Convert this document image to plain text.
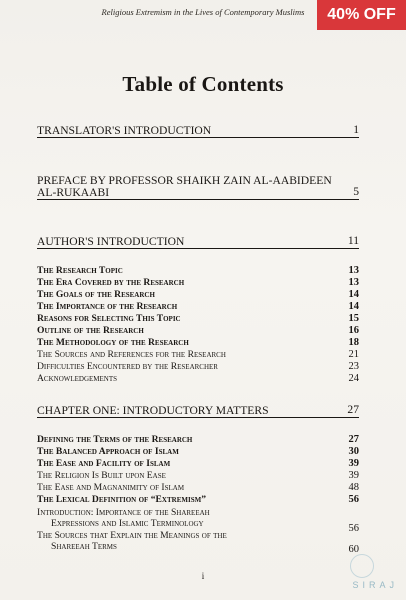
Religious Extremism in the Lives of Contemporary Muslims	40% OFF
Table of Contents
TRANSLATOR'S INTRODUCTION	1
PREFACE BY PROFESSOR SHAIKH ZAIN AL-AABIDEEN AL-RUKAABI	5
AUTHOR'S INTRODUCTION	11
The Research Topic	13
The Era Covered by the Research	13
The Goals of the Research	14
The Importance of the Research	14
Reasons for Selecting This Topic	15
Outline of the Research	16
The Methodology of the Research	18
The Sources and References for the Research	21
Difficulties Encountered by the Researcher	23
Acknowledgements	24
CHAPTER ONE: INTRODUCTORY MATTERS	27
Defining the Terms of the Research	27
The Balanced Approach of Islam	30
The Ease and Facility of Islam	39
The Religion Is Built upon Ease	39
The Ease and Magnanimity of Islam	48
The Lexical Definition of “Extremism”	56
Introduction: Importance of the Shareeah
Expressions and Islamic Terminology	56
The Sources that Explain the Meanings of the
Shareeah Terms	60
i
SIRAJ
